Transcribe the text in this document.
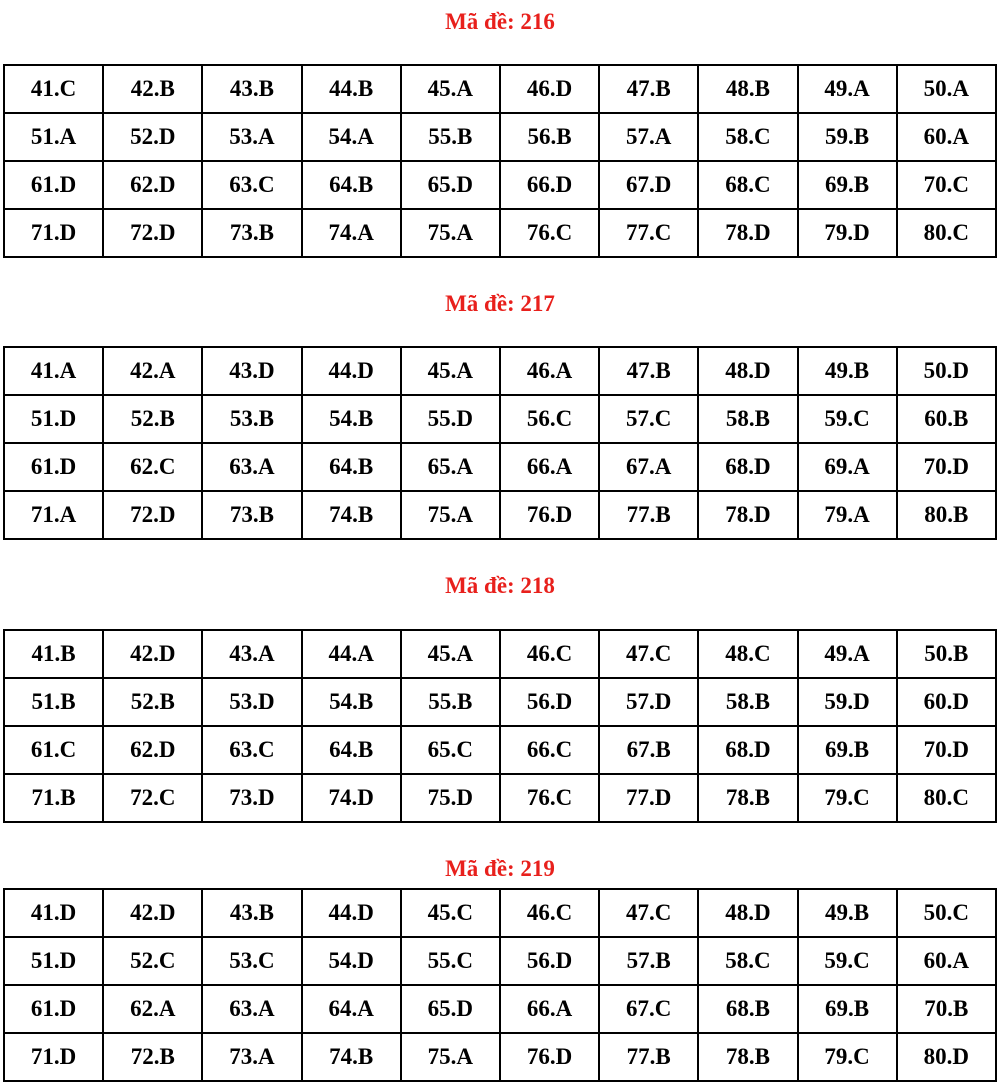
Mã đề: 216
41.C	42.B	43.B	44.B	45.A	46.D	47.B	48.B	49.A	50.A
51.A	52.D	53.A	54.A	55.B	56.B	57.A	58.C	59.B	60.A
61.D	62.D	63.C	64.B	65.D	66.D	67.D	68.C	69.B	70.C
71.D	72.D	73.B	74.A	75.A	76.C	77.C	78.D	79.D	80.C
Mã đề: 217
41.A	42.A	43.D	44.D	45.A	46.A	47.B	48.D	49.B	50.D
51.D	52.B	53.B	54.B	55.D	56.C	57.C	58.B	59.C	60.B
61.D	62.C	63.A	64.B	65.A	66.A	67.A	68.D	69.A	70.D
71.A	72.D	73.B	74.B	75.A	76.D	77.B	78.D	79.A	80.B
Mã đề: 218
41.B	42.D	43.A	44.A	45.A	46.C	47.C	48.C	49.A	50.B
51.B	52.B	53.D	54.B	55.B	56.D	57.D	58.B	59.D	60.D
61.C	62.D	63.C	64.B	65.C	66.C	67.B	68.D	69.B	70.D
71.B	72.C	73.D	74.D	75.D	76.C	77.D	78.B	79.C	80.C
Mã đề: 219
41.D	42.D	43.B	44.D	45.C	46.C	47.C	48.D	49.B	50.C
51.D	52.C	53.C	54.D	55.C	56.D	57.B	58.C	59.C	60.A
61.D	62.A	63.A	64.A	65.D	66.A	67.C	68.B	69.B	70.B
71.D	72.B	73.A	74.B	75.A	76.D	77.B	78.B	79.C	80.D
